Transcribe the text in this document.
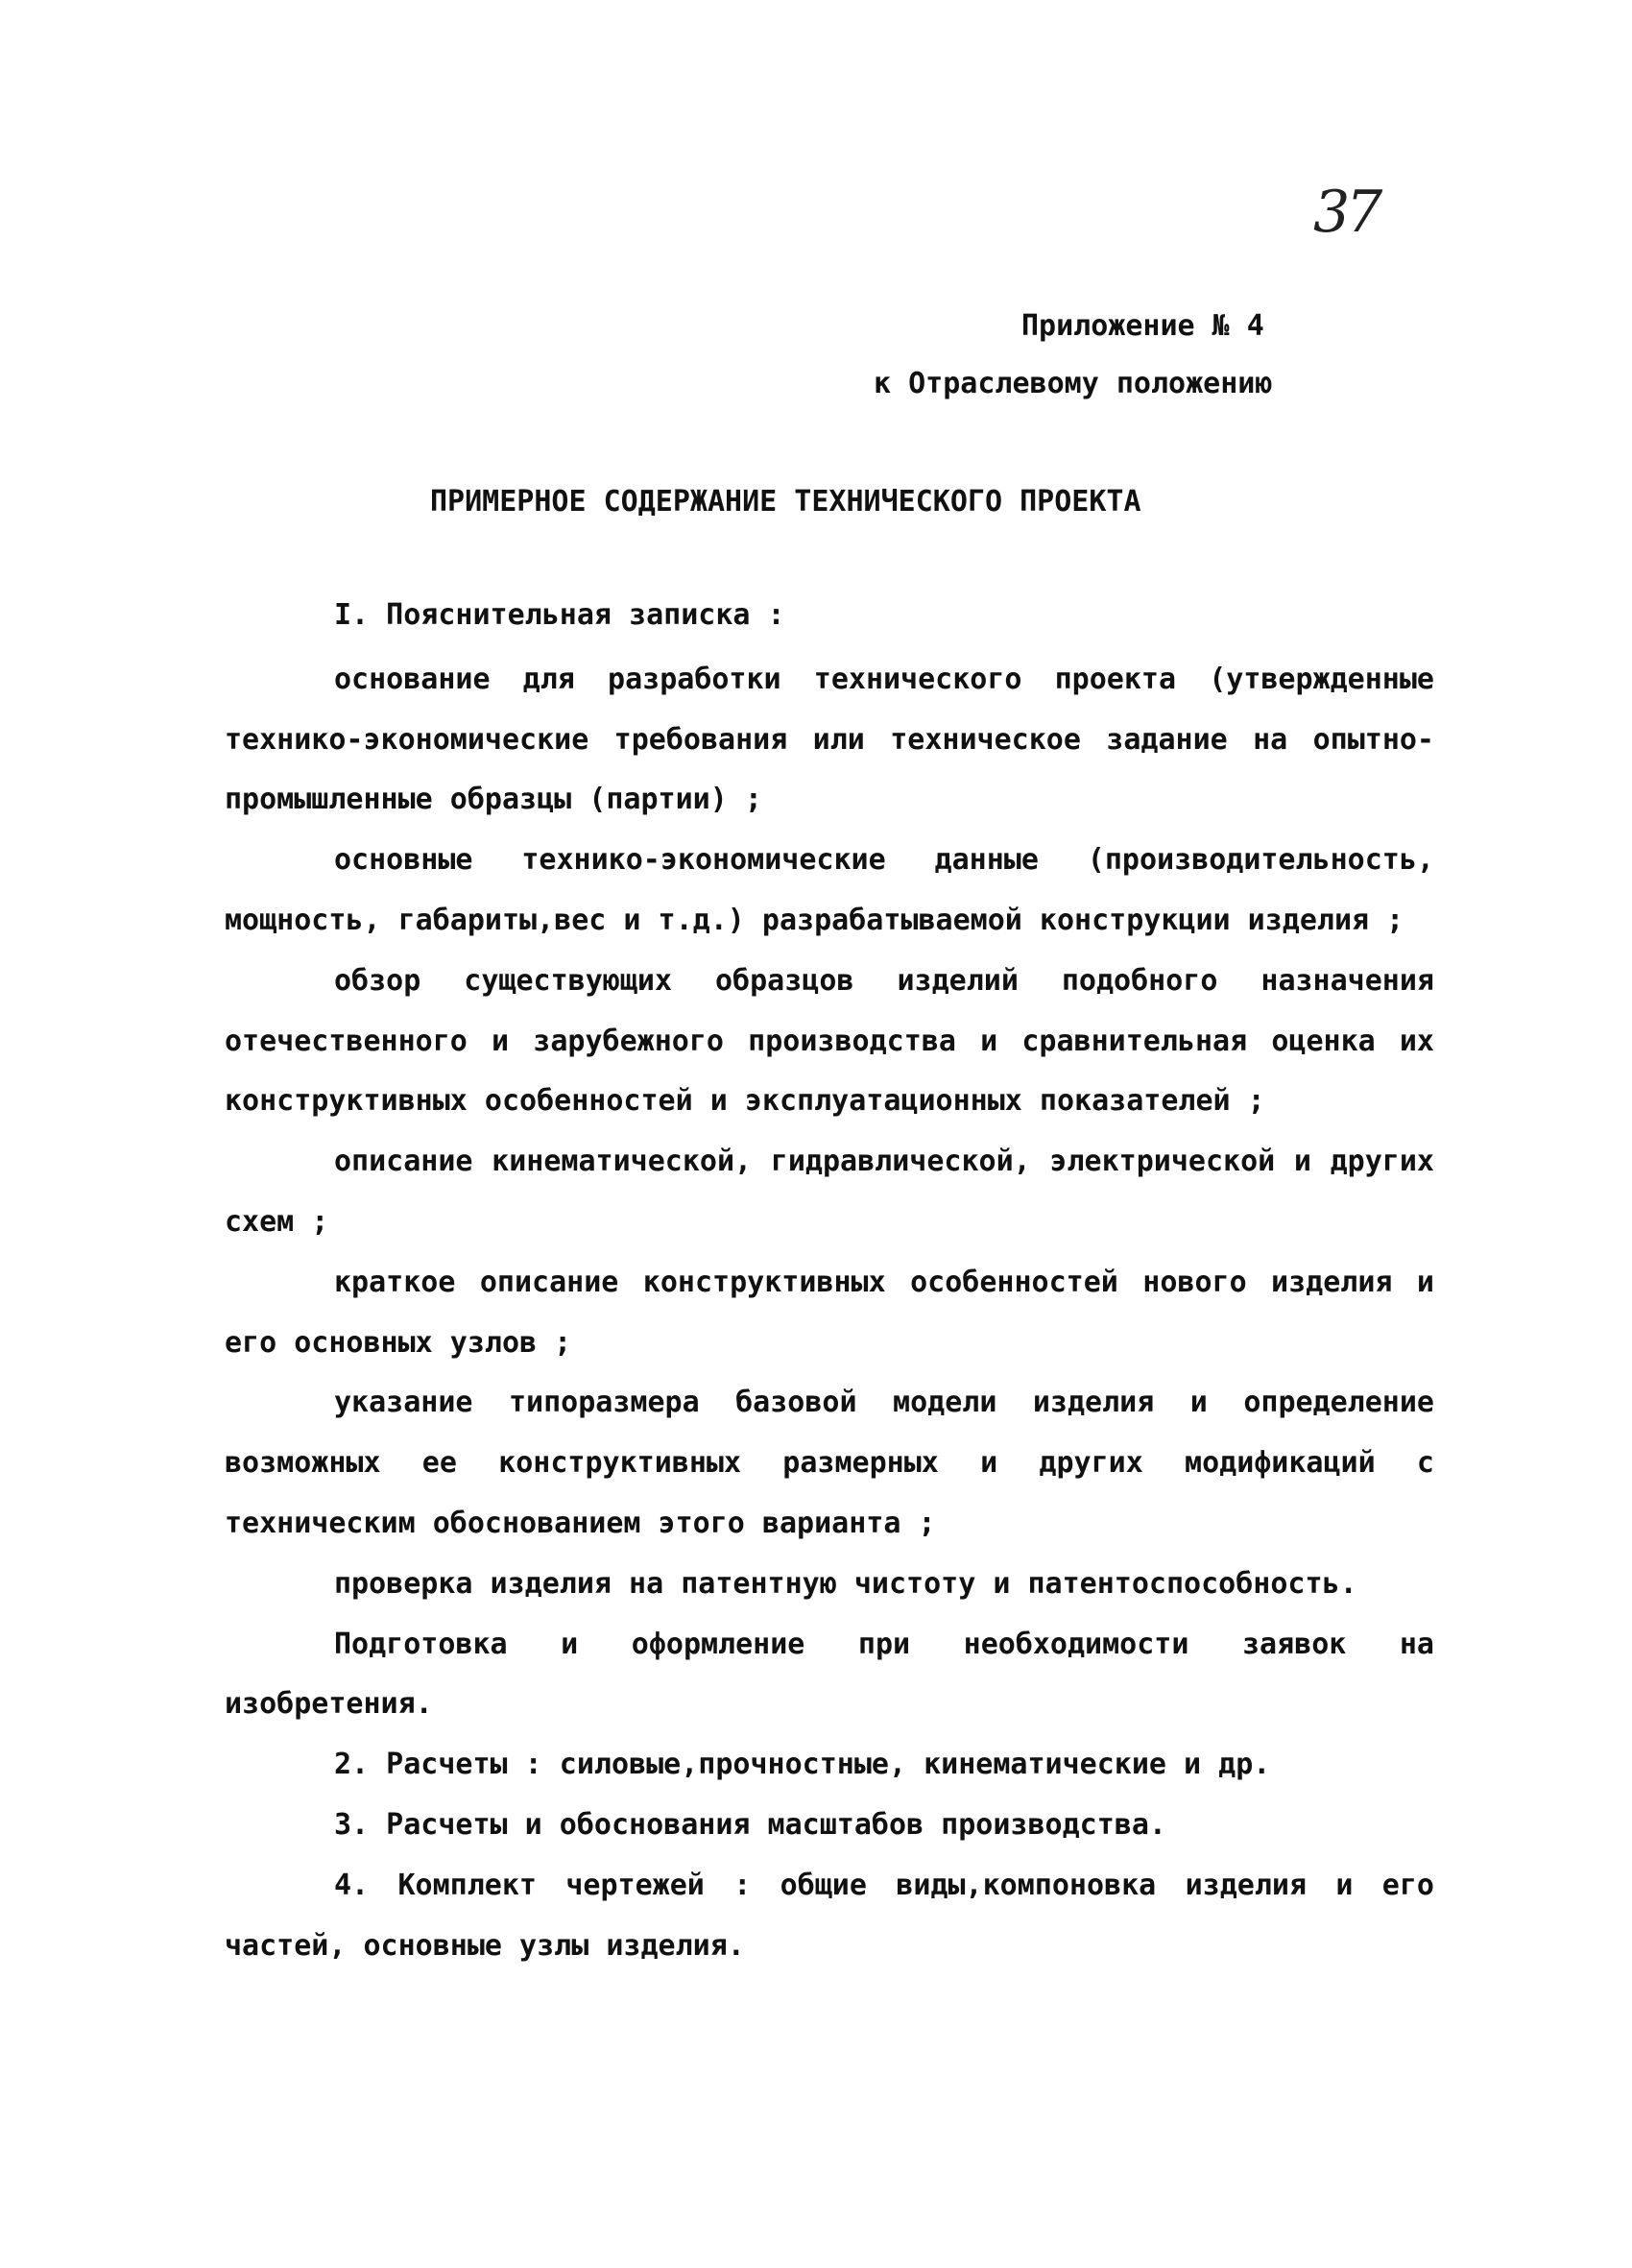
37
Приложение № 4
к Отраслевому положению
ПРИМЕРНОЕ СОДЕРЖАНИЕ ТЕХНИЧЕСКОГО ПРОЕКТА

I. Пояснительная записка :

основание для разработки технического проекта (утвержденные технико-экономические требования или техническое задание на опытно-промышленные образцы (партии) ;

основные технико-экономические данные (производительность, мощность, габариты,вес и т.д.) разрабатываемой конструкции изделия ;

обзор существующих образцов изделий подобного назначения отечественного и зарубежного производства и сравнительная оценка их конструктивных особенностей и эксплуатационных показателей ;

описание кинематической, гидравлической, электрической и других схем ;

краткое описание конструктивных особенностей нового изделия и его основных узлов ;

указание типоразмера базовой модели изделия и определение возможных ее конструктивных размерных и других модификаций с техническим обоснованием этого варианта ;

проверка изделия на патентную чистоту и патентоспособность.

Подготовка и оформление при необходимости заявок на изобретения.

2. Расчеты : силовые,прочностные, кинематические и др.

3. Расчеты и обоснования масштабов производства.

4. Комплект чертежей : общие виды,компоновка изделия и его частей, основные узлы изделия.
